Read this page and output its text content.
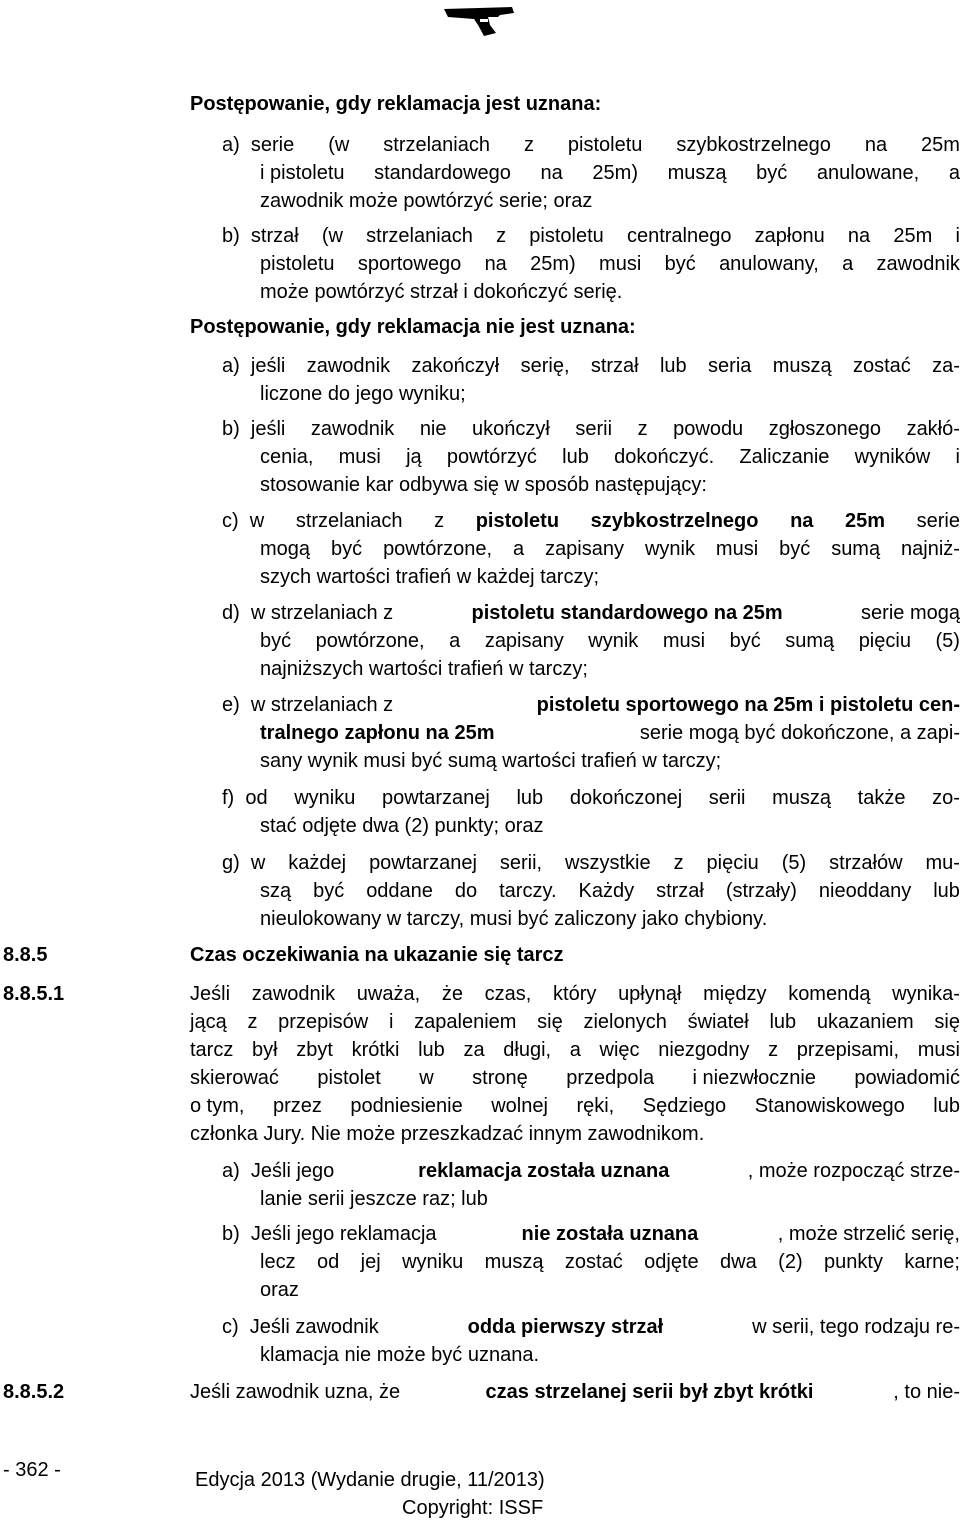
Postępowanie, gdy reklamacja jest uznana:
a)  serie (w strzelaniach z pistoletu szybkostrzelnego na 25m
i pistoletu standardowego na 25m) muszą być anulowane, a
zawodnik może powtórzyć serie; oraz
b)  strzał (w strzelaniach z pistoletu centralnego zapłonu na 25m i
pistoletu sportowego na 25m) musi być anulowany, a zawodnik
może powtórzyć strzał i dokończyć serię.
Postępowanie, gdy reklamacja nie jest uznana:
a)  jeśli zawodnik zakończył serię, strzał lub seria muszą zostać za-
liczone do jego wyniku;
b)  jeśli zawodnik nie ukończył serii z powodu zgłoszonego zakłó-
cenia, musi ją powtórzyć lub dokończyć. Zaliczanie wyników i
stosowanie kar odbywa się w sposób następujący:
c)  w strzelaniach z pistoletu szybkostrzelnego na 25m serie
mogą być powtórzone, a zapisany wynik musi być sumą najniż-
szych wartości trafień w każdej tarczy;
d)  w strzelaniach z	pistoletu standardowego na 25m	serie mogą
być powtórzone, a zapisany wynik musi być sumą pięciu (5)
najniższych wartości trafień w tarczy;
e)  w strzelaniach z	pistoletu sportowego na 25m i pistoletu cen-
tralnego zapłonu na 25m	serie mogą być dokończone, a zapi-
sany wynik musi być sumą wartości trafień w tarczy;
f)  od wyniku powtarzanej lub dokończonej serii muszą także zo-
stać odjęte dwa (2) punkty; oraz
g)  w każdej powtarzanej serii, wszystkie z pięciu (5) strzałów mu-
szą być oddane do tarczy. Każdy strzał (strzały) nieoddany lub
nieulokowany w tarczy, musi być zaliczony jako chybiony.
8.8.5	Czas oczekiwania na ukazanie się tarcz
8.8.5.1	Jeśli zawodnik uważa, że czas, który upłynął między komendą wynika-
jącą z przepisów i zapaleniem się zielonych świateł lub ukazaniem się
tarcz był zbyt krótki lub za długi, a więc niezgodny z przepisami, musi
skierować pistolet w stronę przedpola i niezwłocznie powiadomić
o tym, przez podniesienie wolnej ręki, Sędziego Stanowiskowego lub
członka Jury. Nie może przeszkadzać innym zawodnikom.
a)  Jeśli jego	reklamacja została uznana	, może rozpocząć strze-
lanie serii jeszcze raz; lub
b)  Jeśli jego reklamacja	nie została uznana	, może strzelić serię,
lecz od jej wyniku muszą zostać odjęte dwa (2) punkty karne;
oraz
c)  Jeśli zawodnik	odda pierwszy strzał	w serii, tego rodzaju re-
klamacja nie może być uznana.
8.8.5.2	Jeśli zawodnik uzna, że	czas strzelanej serii był zbyt krótki	, to nie-
- 362 -	Edycja 2013 (Wydanie drugie, 11/2013)
Copyright: ISSF
